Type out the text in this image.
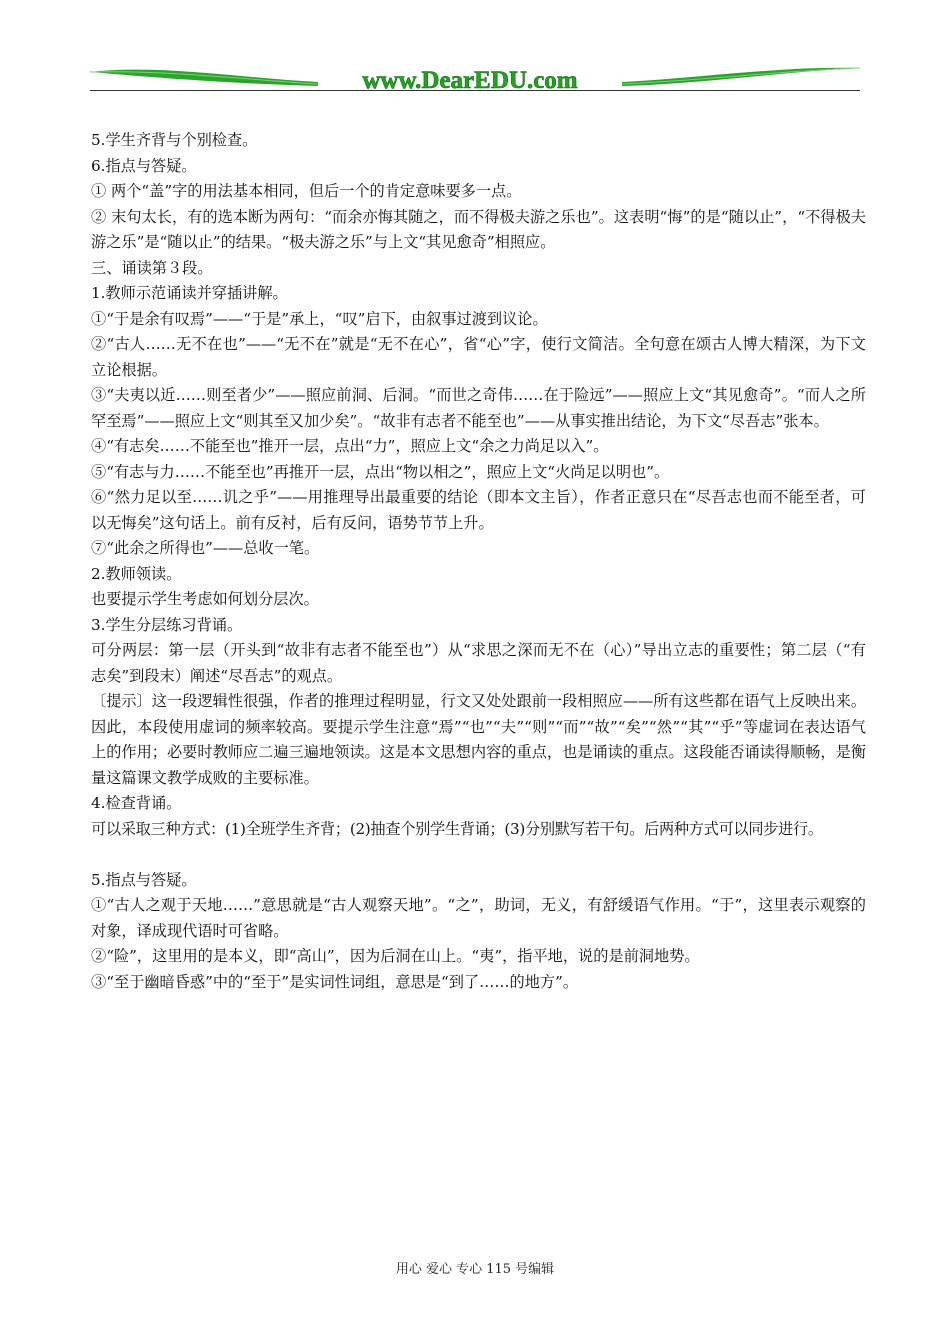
www.DearEDU.com

5.学生齐背与个别检查。

6.指点与答疑。

① 两个“盖”字的用法基本相同，但后一个的肯定意味要多一点。

② 末句太长，有的选本断为两句：“而余亦悔其随之，而不得极夫游之乐也”。这表明“悔”的是“随以止”，“不得极夫游之乐”是“随以止”的结果。“极夫游之乐”与上文“其见愈奇”相照应。

三、诵读第３段。

1.教师示范诵读并穿插讲解。

①“于是余有叹焉”——“于是”承上，“叹”启下，由叙事过渡到议论。

②“古人……无不在也”——“无不在”就是“无不在心”，省“心”字，使行文简洁。全句意在颂古人博大精深，为下文立论根据。

③“夫夷以近……则至者少”——照应前洞、后洞。“而世之奇伟……在于险远”——照应上文“其见愈奇”。“而人之所罕至焉”——照应上文“则其至又加少矣”。“故非有志者不能至也”——从事实推出结论，为下文“尽吾志”张本。

④“有志矣……不能至也”推开一层，点出“力”，照应上文“余之力尚足以入”。

⑤“有志与力……不能至也”再推开一层，点出“物以相之”，照应上文“火尚足以明也”。

⑥“然力足以至……讥之乎”——用推理导出最重要的结论（即本文主旨），作者正意只在“尽吾志也而不能至者，可以无悔矣”这句话上。前有反衬，后有反问，语势节节上升。

⑦“此余之所得也”——总收一笔。

2.教师领读。

也要提示学生考虑如何划分层次。

3.学生分层练习背诵。

可分两层：第一层（开头到“故非有志者不能至也”）从“求思之深而无不在（心）”导出立志的重要性；第二层（“有志矣”到段末）阐述“尽吾志”的观点。

〔提示〕这一段逻辑性很强，作者的推理过程明显，行文又处处跟前一段相照应——所有这些都在语气上反映出来。因此，本段使用虚词的频率较高。要提示学生注意“焉”“也”“夫”“则”“而”“故”“矣”“然”“其”“乎”等虚词在表达语气上的作用；必要时教师应二遍三遍地领读。这是本文思想内容的重点，也是诵读的重点。这段能否诵读得顺畅，是衡量这篇课文教学成败的主要标准。

4.检查背诵。

可以采取三种方式：(1)全班学生齐背；(2)抽查个别学生背诵；(3)分别默写若干句。后两种方式可以同步进行。

5.指点与答疑。

①“古人之观于天地……”意思就是“古人观察天地”。“之”，助词，无义，有舒缓语气作用。“于”，这里表示观察的对象，译成现代语时可省略。

②“险”，这里用的是本义，即“高山”，因为后洞在山上。“夷”，指平地，说的是前洞地势。

③“至于幽暗昏惑”中的“至于”是实词性词组，意思是“到了……的地方”。

用心 爱心 专心 115 号编辑
